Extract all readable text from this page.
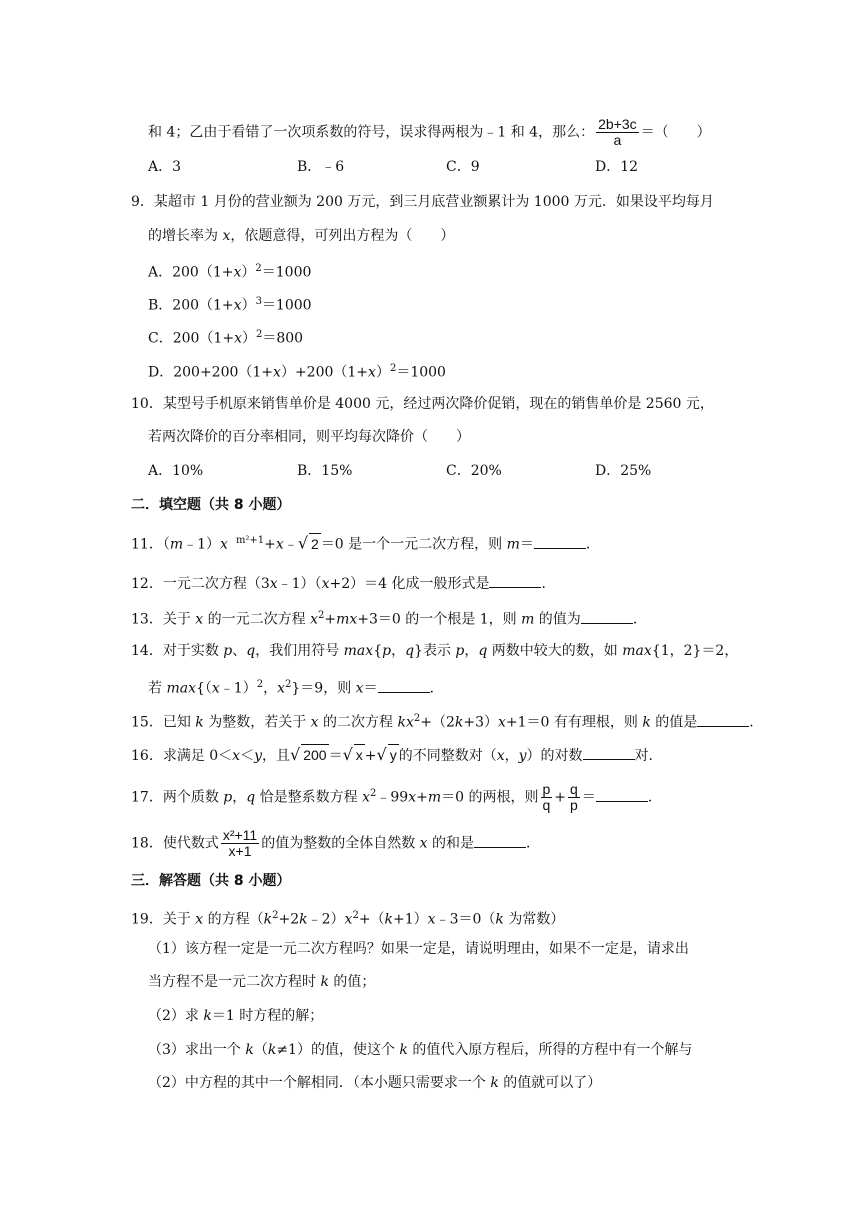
和 4；乙由于看错了一次项系数的符号，误求得两根为﹣1 和 4，那么： $\frac{2b+3c}{a}$ ＝（　　）
A．3	B．﹣6	C．9	D．12
9．某超市 1 月份的营业额为 200 万元，到三月底营业额累计为 1000 万元．如果设平均每月
的增长率为 x，依题意得，可列出方程为（　　）
A．$200(1+x)^2=1000$
B．$200(1+x)^3=1000$
C．$200(1+x)^2=800$
D．$200+200(1+x)+200(1+x)^2=1000$
10．某型号手机原来销售单价是 4000 元，经过两次降价促销，现在的销售单价是 2560 元，
若两次降价的百分率相同，则平均每次降价（　　）
A．10%	B．15%	C．20%	D．25%
二．填空题（共 8 小题）
11．（m﹣1）x $^{m^2+1}$+x﹣√ 2 ＝0 是一个一元二次方程，则 m＝	．
12．一元二次方程（3x﹣1）（x+2）＝4 化成一般形式是	．
13．关于 x 的一元二次方程 $x^2+mx+3=0$ 的一个根是 1，则 m 的值为	．
14．对于实数 p、q，我们用符号 max{p，q}表示 p，q 两数中较大的数，如 max{1，2}＝2，
若 max{（x﹣1）$^2$，$x^2\}=9$，则 x＝	．
15．已知 k 为整数，若关于 x 的二次方程 $kx^2+(2k+3)x+1=0$ 有有理根，则 k 的值是	．
16．求满足 0＜x＜y，且√ 200 ＝√ x +√ y 的不同整数对（x，y）的对数	对．
17．两个质数 p，q 恰是整系数方程 $x^2﹣99x+m=0$ 的两根，则 $\frac{p}{q} + \frac{q}{p}$ ＝	．
18．使代数式 $\frac{\text{x²+11}}{x+1}$ 的值为整数的全体自然数 x 的和是	．
三．解答题（共 8 小题）
19．关于 x 的方程$(k^2+2k﹣2)x^2+(k+1)x﹣3=0(k$ 为常数）
（1）该方程一定是一元二次方程吗？如果一定是，请说明理由，如果不一定是，请求出
当方程不是一元二次方程时 k 的值；
（2）求 k＝1 时方程的解；
（3）求出一个 k（k≠1）的值，使这个 k 的值代入原方程后，所得的方程中有一个解与
（2）中方程的其中一个解相同．（本小题只需要求一个 k 的值就可以了）
